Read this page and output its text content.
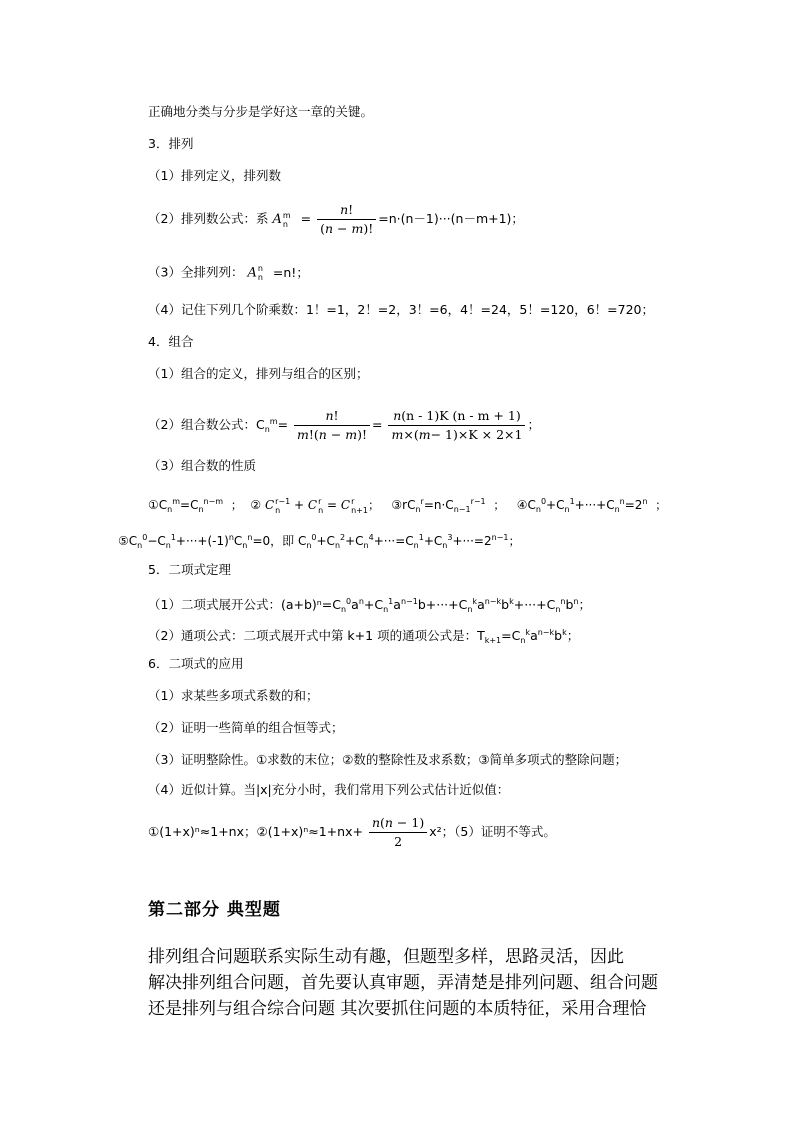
正确地分类与分步是学好这一章的关键。
3．排列
（1）排列定义，排列数
（2）排列数公式：系 Am
$n = \frac{n!}{(n - m)!} =n\cdot(n-1)\cdot\cdot\cdot(n-m+1)$；
（3）全排列列： An
n =n!；
（4）记住下列几个阶乘数：1！=1，2！=2，3！=6，4！=24，5！=120，6！=720；
4．组合
（1）组合的定义，排列与组合的区别；
（2）组合数公式：$C_n^m= \frac{n!}{m!(n - m)!} = \frac{n(n - 1)K (n - m + 1)}{m\times(m- 1)\times K \times 2\times 1}$ ；
（3）组合数的性质
$①C_n^m=C_n^{n-m}$  ；  ② Cr−1
n + Cr
n = Cr
n+1；   $③rC_n^r=n\cdot C_{n-1}^{r-1}$  ；   $④C_n^0+C_n^1+\cdot\cdot\cdot+C_n^n=2^n$  ；
$⑤C_n^0-C_n^1+\cdot\cdot\cdot+(-1)^nC_n^n=0$，即 $C_n^0+C_n^2+C_n^4+\cdot\cdot\cdot=C_n^1+C_n^3+\cdot\cdot\cdot=2^{n-1}$；
5．二项式定理
（1）二项式展开公式：$(a+b)^n=C_n^0a^n+C_n^1a^{n-1}b+\cdot\cdot\cdot+C_n^ka^{n-k}b^k+\cdot\cdot\cdot+C_n^nb^n$；
（2）通项公式：二项式展开式中第 k+1 项的通项公式是：$T_{k+1}=C_n^ka^{n-k}b^k$；
6．二项式的应用
（1）求某些多项式系数的和；
（2）证明一些简单的组合恒等式；
（3）证明整除性。①求数的末位；②数的整除性及求系数；③简单多项式的整除问题；
（4）近似计算。当|x|充分小时，我们常用下列公式估计近似值：
①(1+x)ⁿ≈1+nx；②(1+x)ⁿ≈1+nx+ $\frac{n(n - 1)}{2} x^2$；（5）证明不等式。
第二部分 典型题
排列组合问题联系实际生动有趣，但题型多样，思路灵活，因此
解决排列组合问题，首先要认真审题，弄清楚是排列问题、组合问题
还是排列与组合综合问题 其次要抓住问题的本质特征，采用合理恰
